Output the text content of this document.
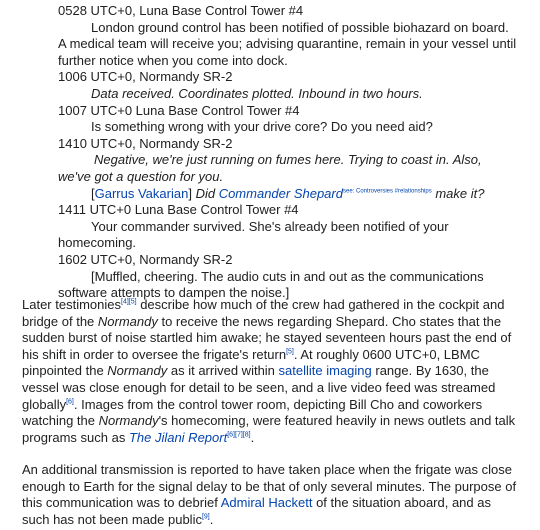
0528 UTC+0, Luna Base Control Tower #4
London ground control has been notified of possible biohazard on board. A medical team will receive you; advising quarantine, remain in your vessel until further notice when you come into dock.
1006 UTC+0, Normandy SR-2
Data received. Coordinates plotted. Inbound in two hours.
1007 UTC+0 Luna Base Control Tower #4
Is something wrong with your drive core? Do you need aid?
1410 UTC+0, Normandy SR-2
Negative, we're just running on fumes here. Trying to coast in. Also, we've got a question for you.
[Garrus Vakarian] Did Commander Shepard$^{see: Controversies \#relationships}$ make it?
1411 UTC+0 Luna Base Control Tower #4
Your commander survived. She's already been notified of your homecoming.
1602 UTC+0, Normandy SR-2
[Muffled, cheering. The audio cuts in and out as the communications software attempts to dampen the noise.]
Later testimonies[4][5] describe how much of the crew had gathered in the cockpit and bridge of the Normandy to receive the news regarding Shepard. Cho states that the sudden burst of noise startled him awake; he stayed seventeen hours past the end of his shift in order to oversee the frigate's return[5]. At roughly 0600 UTC+0, LBMC pinpointed the Normandy as it arrived within satellite imaging range. By 1630, the vessel was close enough for detail to be seen, and a live video feed was streamed globally[6]. Images from the control tower room, depicting Bill Cho and coworkers watching the Normandy's homecoming, were featured heavily in news outlets and talk programs such as The Jilani Report[6][7][8].
An additional transmission is reported to have taken place when the frigate was close enough to Earth for the signal delay to be that of only several minutes. The purpose of this communication was to debrief Admiral Hackett of the situation aboard, and as such has not been made public[9].
